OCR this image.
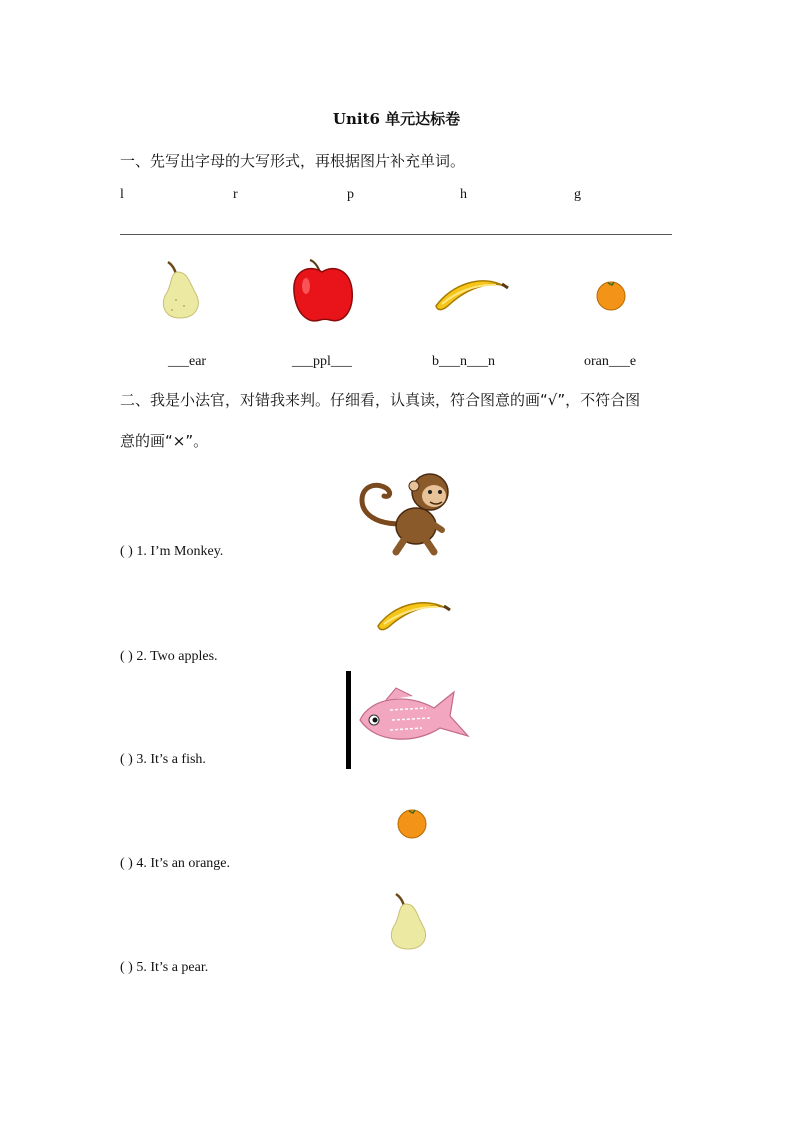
Unit6 单元达标卷
一、先写出字母的大写形式，再根据图片补充单词。
l	r	p	h	g
___ear	___ppl___	b___n___n	oran___e
二、我是小法官，对错我来判。仔细看，认真读，符合图意的画“√”，不符合图
意的画“×”。
( ) 1. I’m Monkey.
( ) 2. Two apples.
( ) 3. It’s a fish.
( ) 4. It’s an orange.
( ) 5. It’s a pear.
